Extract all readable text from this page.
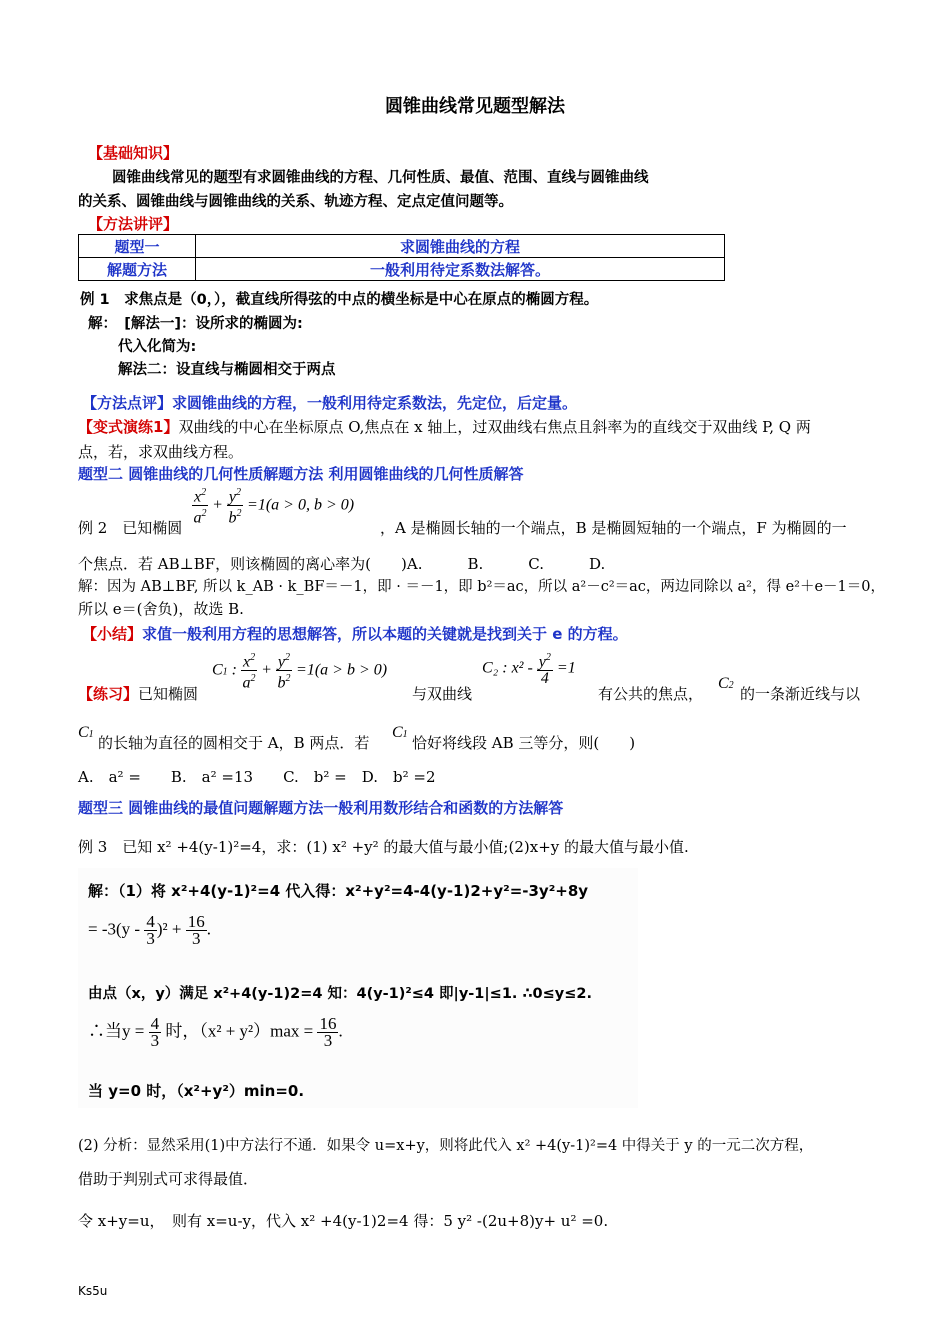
圆锥曲线常见题型解法
【基础知识】
圆锥曲线常见的题型有求圆锥曲线的方程、几何性质、最值、范围、直线与圆锥曲线
的关系、圆锥曲线与圆锥曲线的关系、轨迹方程、定点定值问题等。
【方法讲评】
题型一	求圆锥曲线的方程
解题方法	一般利用待定系数法解答。
例 1　求焦点是（0，），截直线所得弦的中点的横坐标是中心在原点的椭圆方程。
解：　[解法一]：设所求的椭圆为:
代入化简为:
解法二：设直线与椭圆相交于两点
【方法点评】求圆锥曲线的方程，一般利用待定系数法，先定位，后定量。
【变式演练1】双曲线的中心在坐标原点 O,焦点在 x 轴上，过双曲线右焦点且斜率为的直线交于双曲线 P, Q 两
点，若，求双曲线方程。
题型二 圆锥曲线的几何性质解题方法 利用圆锥曲线的几何性质解答
例 2　已知椭圆
$\frac{x^2}{a^2} + \frac{y^2}{b^2} =1(a > 0$, b > 0)
，A 是椭圆长轴的一个端点，B 是椭圆短轴的一个端点，F 为椭圆的一
个焦点．若 AB⊥BF，则该椭圆的离心率为(　　)A.　　　B.　　　C.　　　D.
解：因为 AB⊥BF, 所以 k_AB · k_BF＝－1，即 · ＝－1，即 b²＝ac，所以 a²－c²＝ac，两边同除以 a²，得 e²＋e－1＝0，
所以 e＝(舍负)，故选 B.
【小结】求值一般利用方程的思想解答，所以本题的关键就是找到关于 e 的方程。
【练习】已知椭圆
C1 : $\frac{x^2}{a^2} + \frac{y^2}{b^2} =1(a > b > 0)$
与双曲线
C₂ : $x^2 - \frac{y^2}{4} =1$
有公共的焦点，
C2 的一条渐近线与以
C1 的长轴为直径的圆相交于 A，B 两点．若
C1 恰好将线段 AB 三等分，则(　　)
A.　a² =　　B.　a² =13　　C.　b² =　D.　b² =2
题型三 圆锥曲线的最值问题解题方法一般利用数形结合和函数的方法解答
例 3　已知 x² +4(y-1)²=4，求：(1) x² +y² 的最大值与最小值;(2)x+y 的最大值与最小值.
解：（1）将 x²+4(y-1)²=4 代入得：x²+y²=4-4(y-1)2+y²=-3y²+8y
= $-3(y - \frac{4}{3} )^2 + \frac{16}{3}$ .
由点（x，y）满足 x²+4(y-1)2=4 知：4(y-1)²≤4 即|y-1|≤1. ∴0≤y≤2.
∴当$y = \frac{4}{3}$ 时，$(x^2 + y^2)\max = \frac{16}{3}$ .
当 y=0 时，（x²+y²）min=0.
(2) 分析：显然采用(1)中方法行不通．如果令 u=x+y，则将此代入 x² +4(y-1)²=4 中得关于 y 的一元二次方程，
借助于判别式可求得最值．
令 x+y=u，　则有 x=u-y，代入 x² +4(y-1)2=4 得：5 y² -(2u+8)y+ u² =0.
Ks5u
